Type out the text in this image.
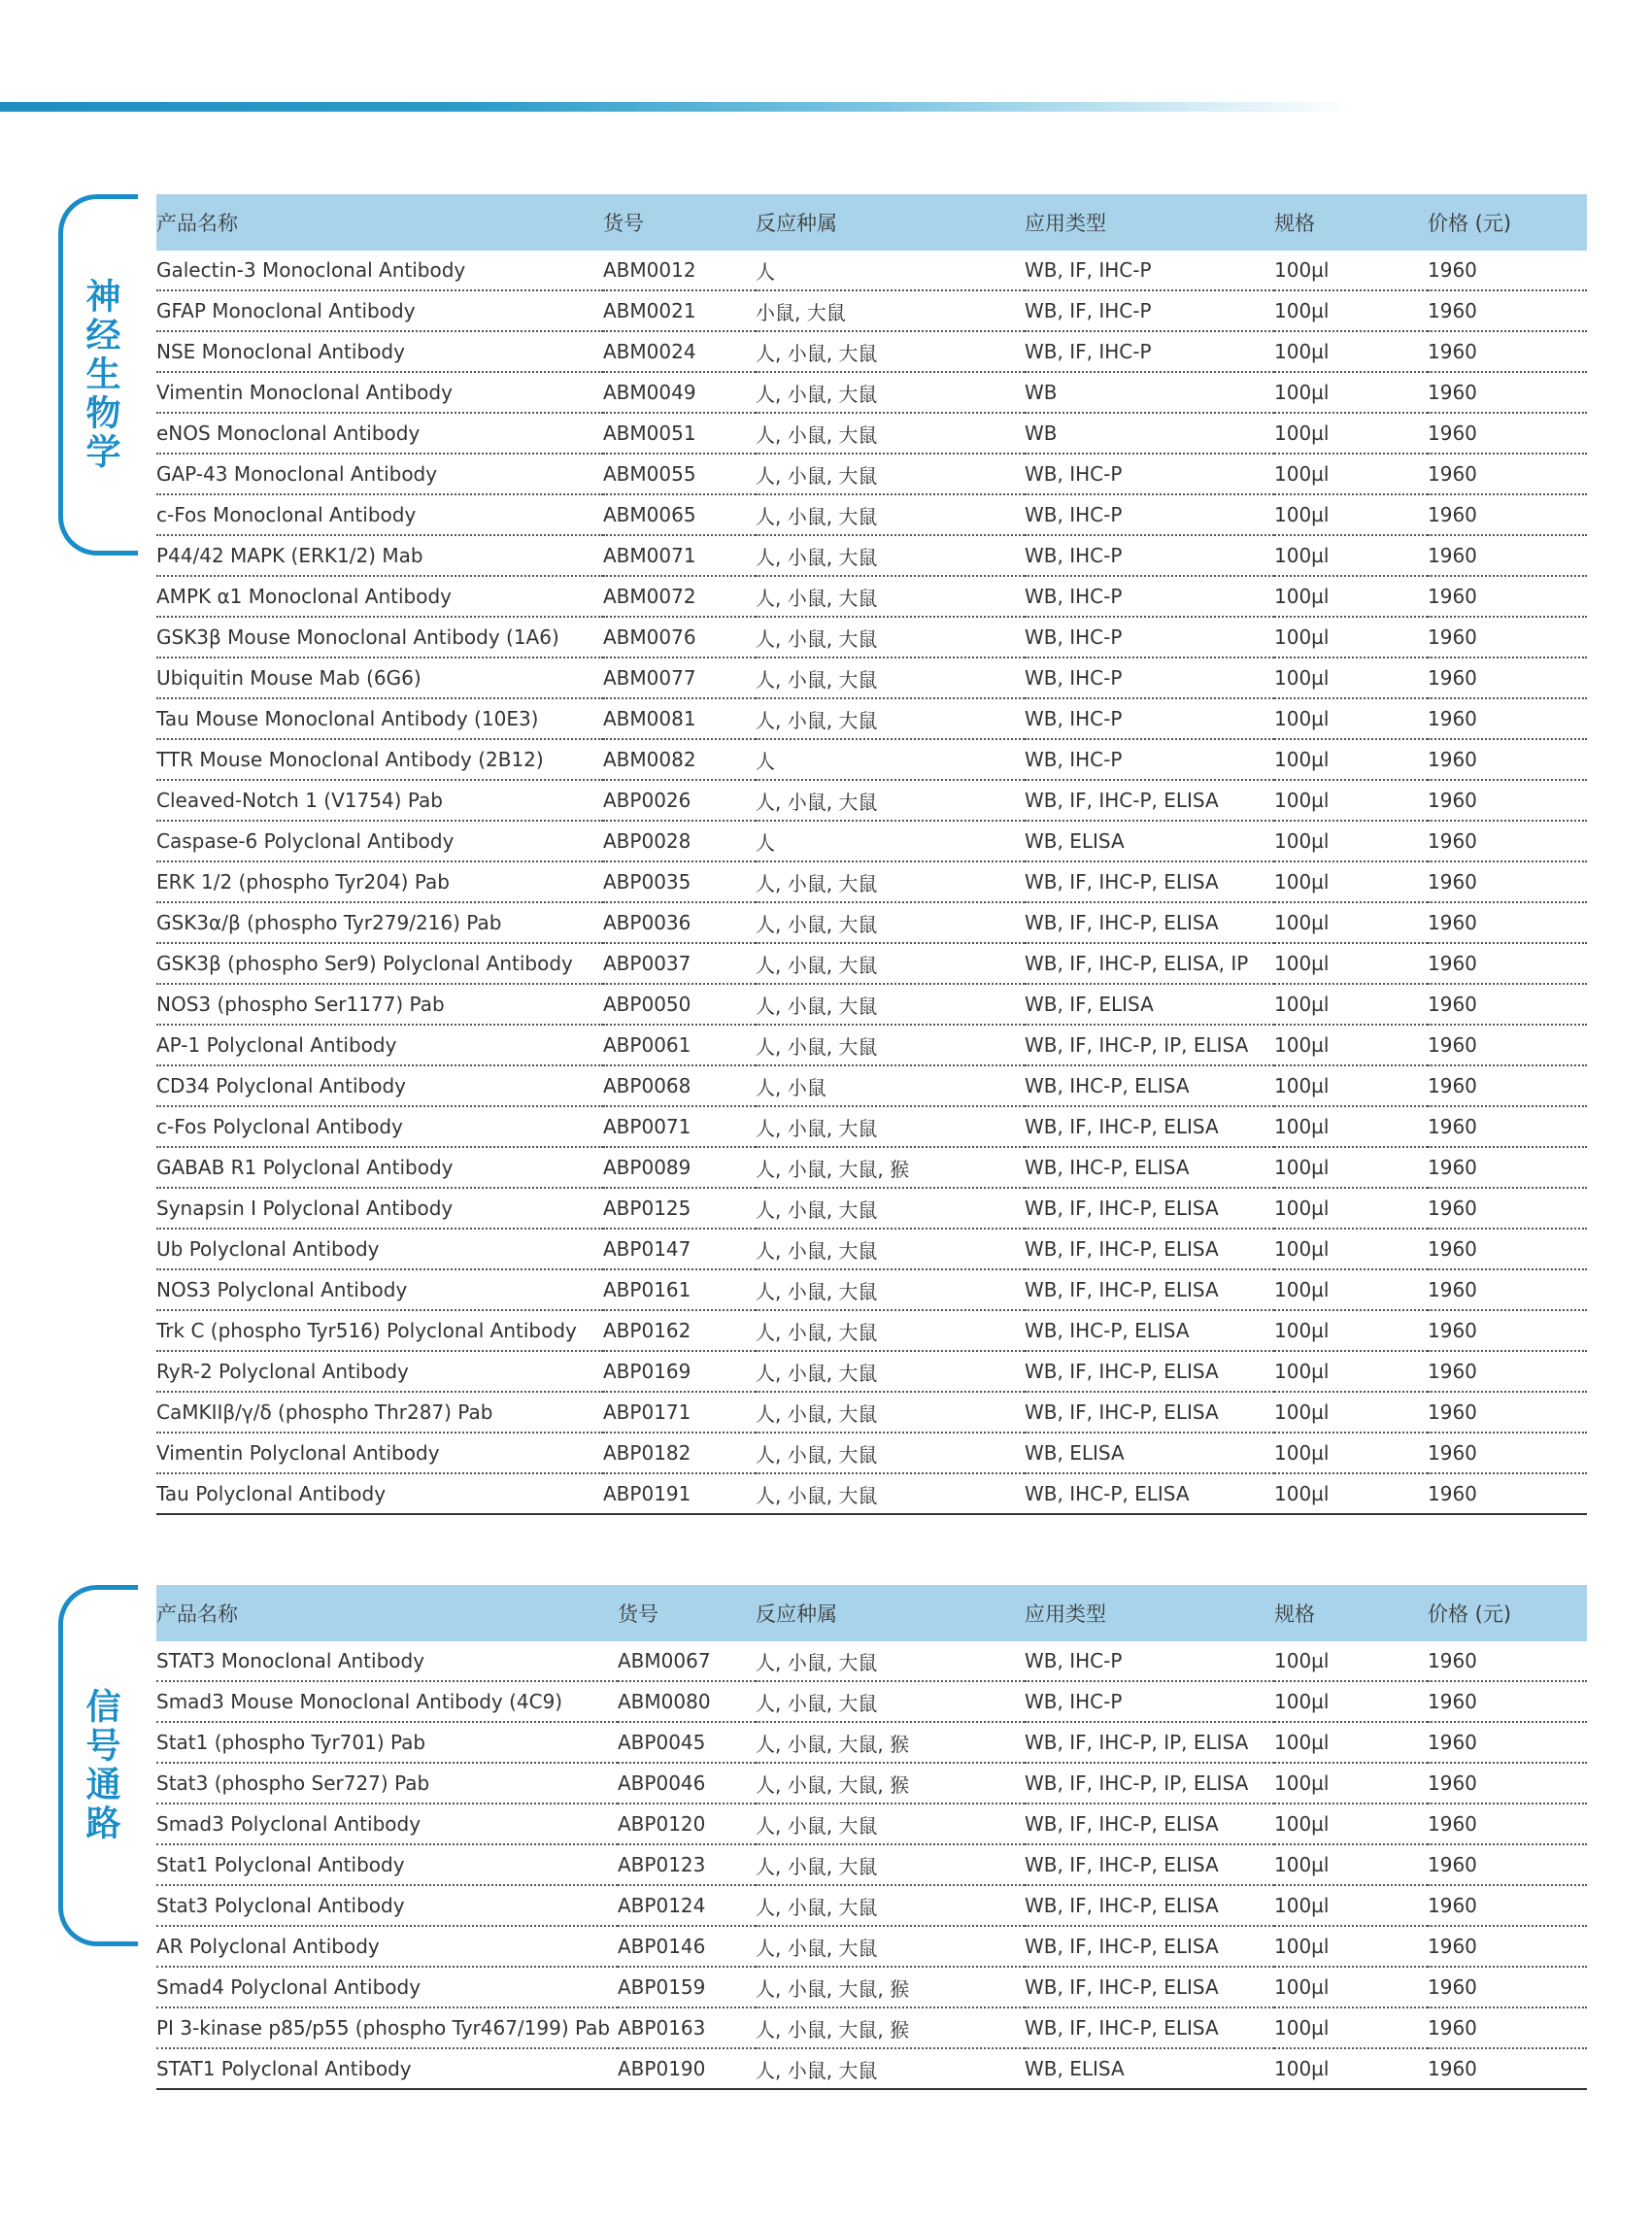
神经生物学
产品名称	货号	反应种属	应用类型	规格	价格 (元)
Galectin-3 Monoclonal Antibody	ABM0012	人	WB, IF, IHC-P	100µl	1960
GFAP Monoclonal Antibody	ABM0021	小鼠, 大鼠	WB, IF, IHC-P	100µl	1960
NSE Monoclonal Antibody	ABM0024	人, 小鼠, 大鼠	WB, IF, IHC-P	100µl	1960
Vimentin Monoclonal Antibody	ABM0049	人, 小鼠, 大鼠	WB	100µl	1960
eNOS Monoclonal Antibody	ABM0051	人, 小鼠, 大鼠	WB	100µl	1960
GAP-43 Monoclonal Antibody	ABM0055	人, 小鼠, 大鼠	WB, IHC-P	100µl	1960
c-Fos Monoclonal Antibody	ABM0065	人, 小鼠, 大鼠	WB, IHC-P	100µl	1960
P44/42 MAPK (ERK1/2) Mab	ABM0071	人, 小鼠, 大鼠	WB, IHC-P	100µl	1960
AMPK α1 Monoclonal Antibody	ABM0072	人, 小鼠, 大鼠	WB, IHC-P	100µl	1960
GSK3β Mouse Monoclonal Antibody (1A6)	ABM0076	人, 小鼠, 大鼠	WB, IHC-P	100µl	1960
Ubiquitin Mouse Mab (6G6)	ABM0077	人, 小鼠, 大鼠	WB, IHC-P	100µl	1960
Tau Mouse Monoclonal Antibody (10E3)	ABM0081	人, 小鼠, 大鼠	WB, IHC-P	100µl	1960
TTR Mouse Monoclonal Antibody (2B12)	ABM0082	人	WB, IHC-P	100µl	1960
Cleaved-Notch 1 (V1754) Pab	ABP0026	人, 小鼠, 大鼠	WB, IF, IHC-P, ELISA	100µl	1960
Caspase-6 Polyclonal Antibody	ABP0028	人	WB, ELISA	100µl	1960
ERK 1/2 (phospho Tyr204) Pab	ABP0035	人, 小鼠, 大鼠	WB, IF, IHC-P, ELISA	100µl	1960
GSK3α/β (phospho Tyr279/216) Pab	ABP0036	人, 小鼠, 大鼠	WB, IF, IHC-P, ELISA	100µl	1960
GSK3β (phospho Ser9) Polyclonal Antibody	ABP0037	人, 小鼠, 大鼠	WB, IF, IHC-P, ELISA, IP	100µl	1960
NOS3 (phospho Ser1177) Pab	ABP0050	人, 小鼠, 大鼠	WB, IF, ELISA	100µl	1960
AP-1 Polyclonal Antibody	ABP0061	人, 小鼠, 大鼠	WB, IF, IHC-P, IP, ELISA	100µl	1960
CD34 Polyclonal Antibody	ABP0068	人, 小鼠	WB, IHC-P, ELISA	100µl	1960
c-Fos Polyclonal Antibody	ABP0071	人, 小鼠, 大鼠	WB, IF, IHC-P, ELISA	100µl	1960
GABAB R1 Polyclonal Antibody	ABP0089	人, 小鼠, 大鼠, 猴	WB, IHC-P, ELISA	100µl	1960
Synapsin I Polyclonal Antibody	ABP0125	人, 小鼠, 大鼠	WB, IF, IHC-P, ELISA	100µl	1960
Ub Polyclonal Antibody	ABP0147	人, 小鼠, 大鼠	WB, IF, IHC-P, ELISA	100µl	1960
NOS3 Polyclonal Antibody	ABP0161	人, 小鼠, 大鼠	WB, IF, IHC-P, ELISA	100µl	1960
Trk C (phospho Tyr516) Polyclonal Antibody	ABP0162	人, 小鼠, 大鼠	WB, IHC-P, ELISA	100µl	1960
RyR-2 Polyclonal Antibody	ABP0169	人, 小鼠, 大鼠	WB, IF, IHC-P, ELISA	100µl	1960
CaMKIIβ/γ/δ (phospho Thr287) Pab	ABP0171	人, 小鼠, 大鼠	WB, IF, IHC-P, ELISA	100µl	1960
Vimentin Polyclonal Antibody	ABP0182	人, 小鼠, 大鼠	WB, ELISA	100µl	1960
Tau Polyclonal Antibody	ABP0191	人, 小鼠, 大鼠	WB, IHC-P, ELISA	100µl	1960
信号通路
产品名称	货号	反应种属	应用类型	规格	价格 (元)
STAT3 Monoclonal Antibody	ABM0067	人, 小鼠, 大鼠	WB, IHC-P	100µl	1960
Smad3 Mouse Monoclonal Antibody (4C9)	ABM0080	人, 小鼠, 大鼠	WB, IHC-P	100µl	1960
Stat1 (phospho Tyr701) Pab	ABP0045	人, 小鼠, 大鼠, 猴	WB, IF, IHC-P, IP, ELISA	100µl	1960
Stat3 (phospho Ser727) Pab	ABP0046	人, 小鼠, 大鼠, 猴	WB, IF, IHC-P, IP, ELISA	100µl	1960
Smad3 Polyclonal Antibody	ABP0120	人, 小鼠, 大鼠	WB, IF, IHC-P, ELISA	100µl	1960
Stat1 Polyclonal Antibody	ABP0123	人, 小鼠, 大鼠	WB, IF, IHC-P, ELISA	100µl	1960
Stat3 Polyclonal Antibody	ABP0124	人, 小鼠, 大鼠	WB, IF, IHC-P, ELISA	100µl	1960
AR Polyclonal Antibody	ABP0146	人, 小鼠, 大鼠	WB, IF, IHC-P, ELISA	100µl	1960
Smad4 Polyclonal Antibody	ABP0159	人, 小鼠, 大鼠, 猴	WB, IF, IHC-P, ELISA	100µl	1960
PI 3-kinase p85/p55 (phospho Tyr467/199) Pab	ABP0163	人, 小鼠, 大鼠, 猴	WB, IF, IHC-P, ELISA	100µl	1960
STAT1 Polyclonal Antibody	ABP0190	人, 小鼠, 大鼠	WB, ELISA	100µl	1960
